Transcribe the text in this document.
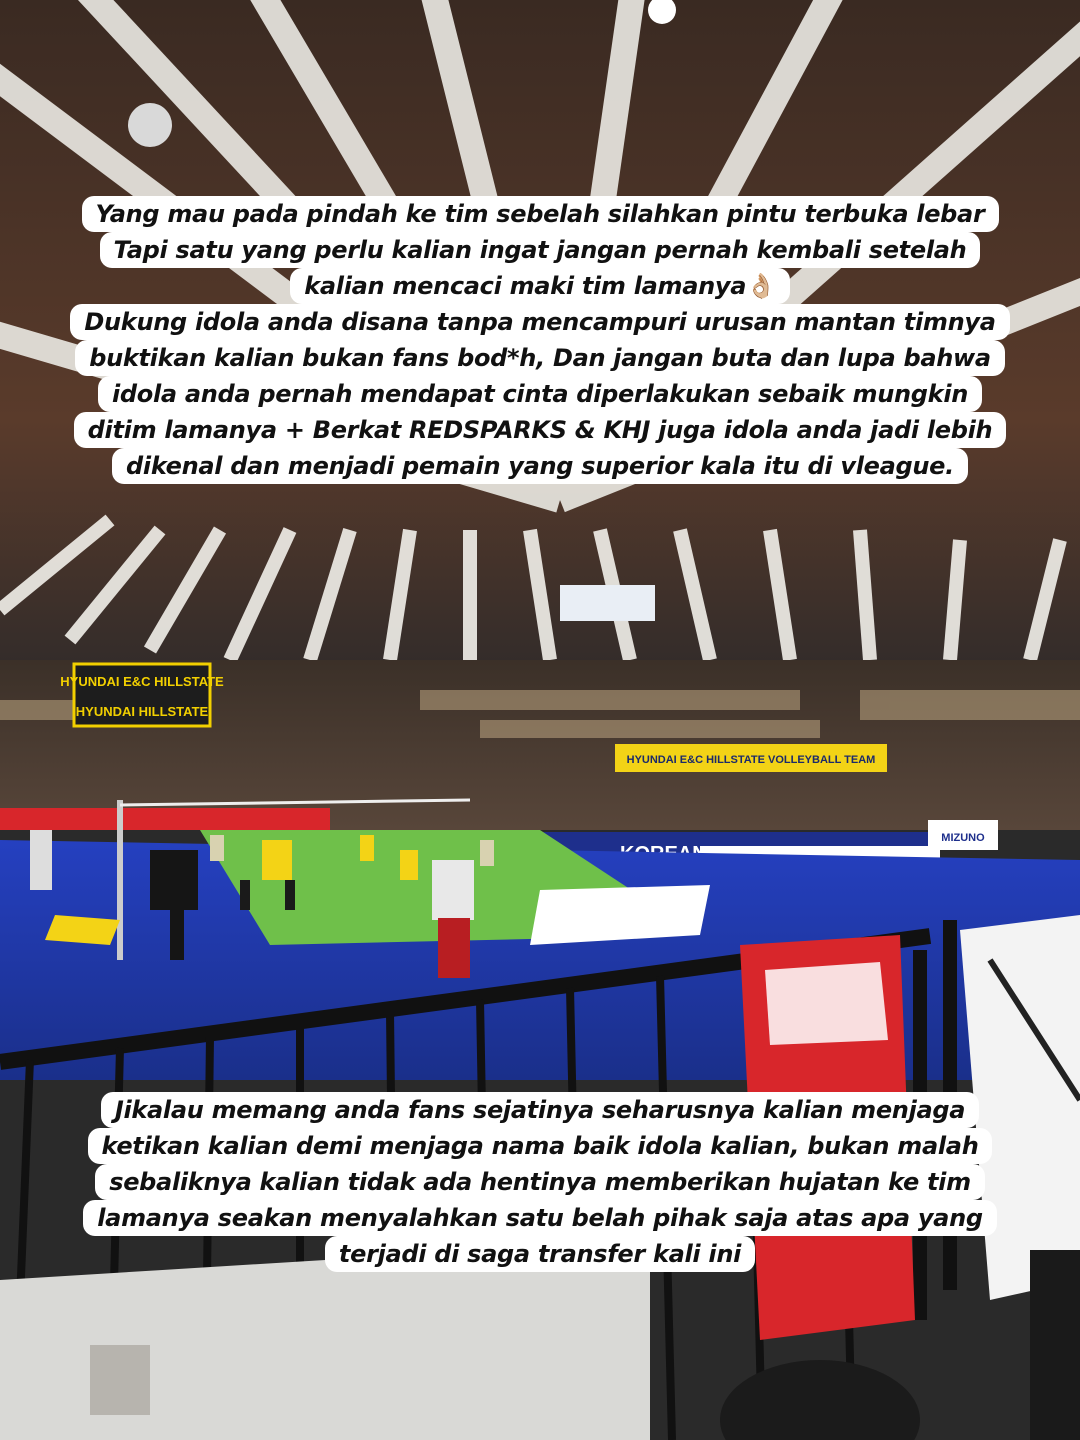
HYUNDAI E&C HILLSTATE
HYUNDAI HILLSTATE
HYUNDAI E&C HILLSTATE VOLLEYBALL TEAM
MIZUNO
Yang mau pada pindah ke tim sebelah silahkan pintu terbuka lebar
Tapi satu yang perlu kalian ingat jangan pernah kembali setelah
kalian mencaci maki tim lamanya👌🏼
Dukung idola anda disana tanpa mencampuri urusan mantan timnya
buktikan kalian bukan fans bod*h, Dan jangan buta dan lupa bahwa
idola anda pernah mendapat cinta diperlakukan sebaik mungkin
ditim lamanya + Berkat REDSPARKS & KHJ juga idola anda jadi lebih
dikenal dan menjadi pemain yang superior kala itu di vleague.
Jikalau memang anda fans sejatinya seharusnya kalian menjaga
ketikan kalian demi menjaga nama baik idola kalian, bukan malah
sebaliknya kalian tidak ada hentinya memberikan hujatan ke tim
lamanya seakan menyalahkan satu belah pihak saja atas apa yang
terjadi di saga transfer kali ini
